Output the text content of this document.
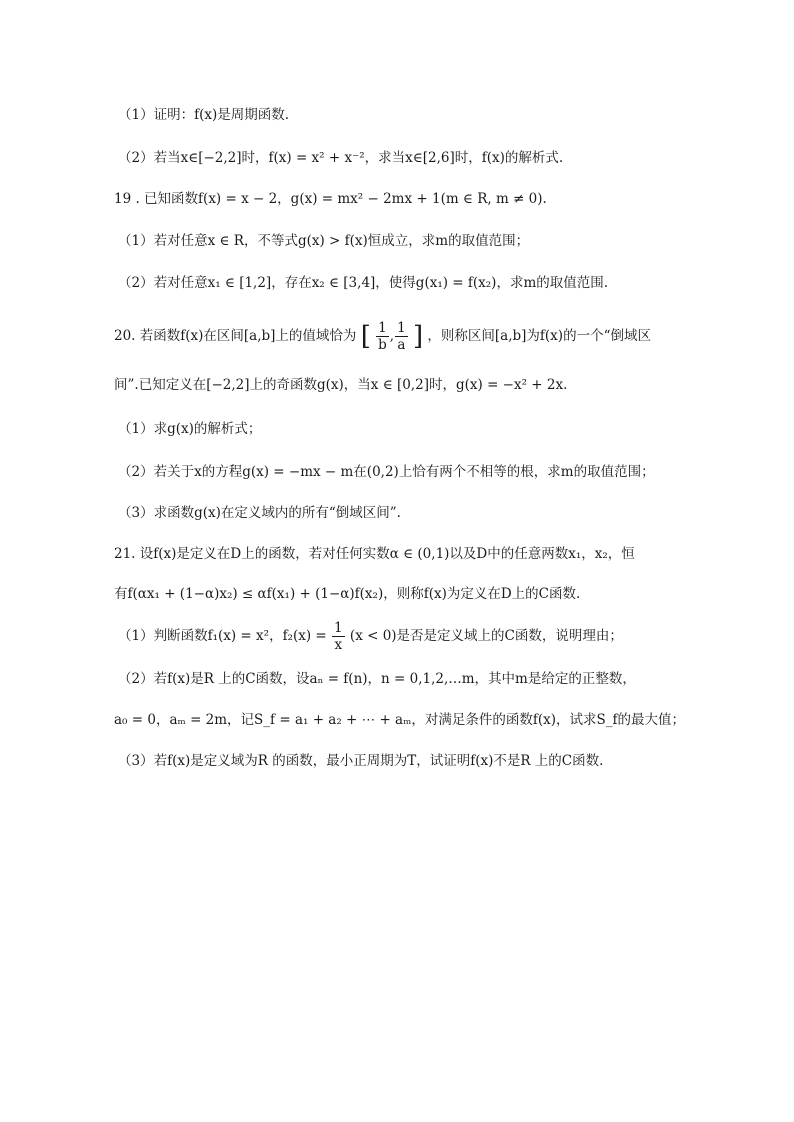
（1）证明：f(x)是周期函数.
（2）若当x∈[−2,2]时，f(x) = x² + x⁻²，求当x∈[2,6]时，f(x)的解析式.
19 . 已知函数f(x) = x − 2，g(x) = mx² − 2mx + 1(m ∈ R, m ≠ 0).
（1）若对任意x ∈ R，不等式g(x) > f(x)恒成立，求m的取值范围；
（2）若对任意x₁ ∈ [1,2]，存在x₂ ∈ [3,4]，使得g(x₁) = f(x₂)，求m的取值范围.
20. 若函数f(x)在区间[a,b]上的值域恰为 [ $\frac{1}{b}$ , $\frac{1}{a}$ ] ，则称区间[a,b]为f(x)的一个“倒域区
间”.已知定义在[−2,2]上的奇函数g(x)，当x ∈ [0,2]时，g(x) = −x² + 2x.
（1）求g(x)的解析式；
（2）若关于x的方程g(x) = −mx − m在(0,2)上恰有两个不相等的根，求m的取值范围；
（3）求函数g(x)在定义域内的所有“倒域区间”.
21. 设f(x)是定义在D上的函数，若对任何实数α ∈ (0,1)以及D中的任意两数x₁，x₂，恒
有f(αx₁ + (1−α)x₂) ≤ αf(x₁) + (1−α)f(x₂)，则称f(x)为定义在D上的C函数.
（1）判断函数f₁(x) = x²，$f_2(x) = \frac{1}{x} (x < 0)$是否是定义域上的C函数，说明理由；
（2）若f(x)是R 上的C函数，设aₙ = f(n)，n = 0,1,2,…m，其中m是给定的正整数，
a₀ = 0，aₘ = 2m，记S_f = a₁ + a₂ + ⋯ + aₘ，对满足条件的函数f(x)，试求S_f的最大值；
（3）若f(x)是定义域为R 的函数，最小正周期为T，试证明f(x)不是R 上的C函数.
